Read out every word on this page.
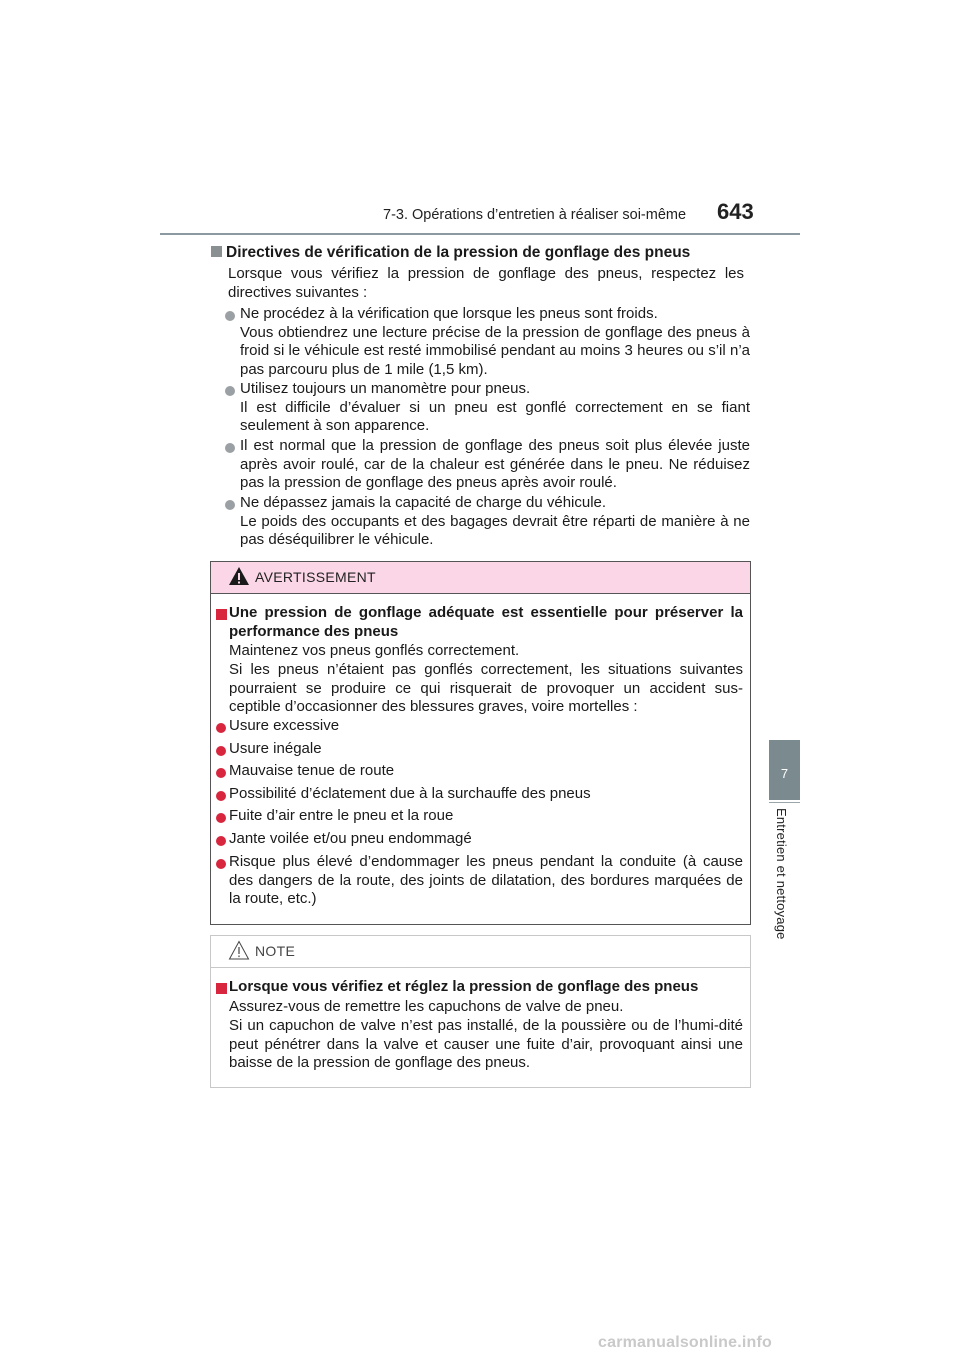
7-3. Opérations d’entretien à réaliser soi-même 643
7
Entretien et nettoyage
Directives de vérification de la pression de gonflage des pneus
Lorsque vous vérifiez la pression de gonflage des pneus, respectez les directives suivantes :
Ne procédez à la vérification que lorsque les pneus sont froids.
Vous obtiendrez une lecture précise de la pression de gonflage des pneus à froid si le véhicule est resté immobilisé pendant au moins 3 heures ou s’il n’a pas parcouru plus de 1 mile (1,5 km).
Utilisez toujours un manomètre pour pneus.
Il est difficile d’évaluer si un pneu est gonflé correctement en se fiant seulement à son apparence.
Il est normal que la pression de gonflage des pneus soit plus élevée juste après avoir roulé, car de la chaleur est générée dans le pneu. Ne réduisez pas la pression de gonflage des pneus après avoir roulé.
Ne dépassez jamais la capacité de charge du véhicule.
Le poids des occupants et des bagages devrait être réparti de manière à ne pas déséquilibrer le véhicule.
AVERTISSEMENT
Une pression de gonflage adéquate est essentielle pour préserver la performance des pneus
Maintenez vos pneus gonflés correctement.
Si les pneus n’étaient pas gonflés correctement, les situations suivantes pourraient se produire ce qui risquerait de provoquer un accident sus-ceptible d’occasionner des blessures graves, voire mortelles :
Usure excessive
Usure inégale
Mauvaise tenue de route
Possibilité d’éclatement due à la surchauffe des pneus
Fuite d’air entre le pneu et la roue
Jante voilée et/ou pneu endommagé
Risque plus élevé d’endommager les pneus pendant la conduite (à cause des dangers de la route, des joints de dilatation, des bordures marquées de la route, etc.)
NOTE
Lorsque vous vérifiez et réglez la pression de gonflage des pneus
Assurez-vous de remettre les capuchons de valve de pneu.
Si un capuchon de valve n’est pas installé, de la poussière ou de l’humi-dité peut pénétrer dans la valve et causer une fuite d’air, provoquant ainsi une baisse de la pression de gonflage des pneus.
carmanualsonline.info
